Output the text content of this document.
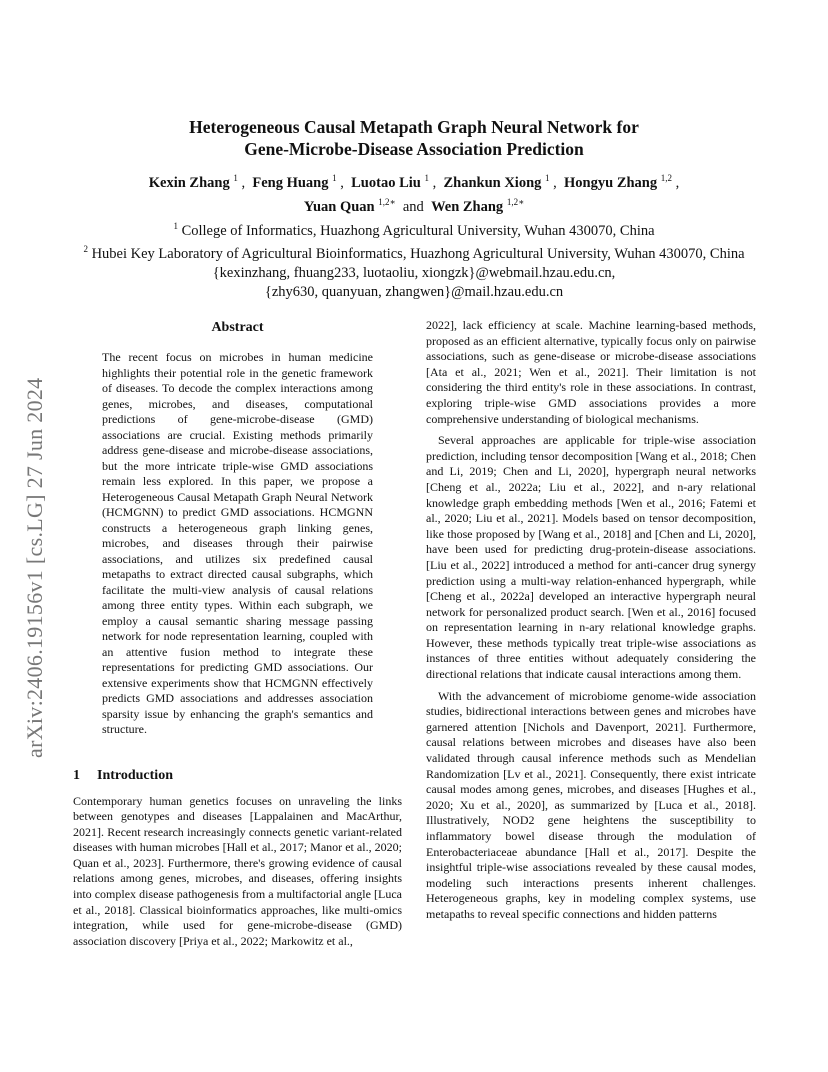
arXiv:2406.19156v1 [cs.LG] 27 Jun 2024
Heterogeneous Causal Metapath Graph Neural Network for
Gene-Microbe-Disease Association Prediction
Kexin Zhang $^1$ ,  Feng Huang $^1$ ,  Luotao Liu $^1$ ,  Zhankun Xiong $^1$ ,  Hongyu Zhang $^{1,2}$ ,
Yuan Quan $^{1,2∗}$ and Wen Zhang $^{1,2∗}$
$^1$ College of Informatics, Huazhong Agricultural University, Wuhan 430070, China
$^2$ Hubei Key Laboratory of Agricultural Bioinformatics, Huazhong Agricultural University, Wuhan 430070, China
{kexinzhang, fhuang233, luotaoliu, xiongzk}@webmail.hzau.edu.cn,
{zhy630, quanyuan, zhangwen}@mail.hzau.edu.cn
Abstract

The recent focus on microbes in human medicine highlights their potential role in the genetic framework of diseases. To decode the complex interactions among genes, microbes, and diseases, computational predictions of gene-microbe-disease (GMD) associations are crucial. Existing methods primarily address gene-disease and microbe-disease associations, but the more intricate triple-wise GMD associations remain less explored. In this paper, we propose a Heterogeneous Causal Metapath Graph Neural Network (HCMGNN) to predict GMD associations. HCMGNN constructs a heterogeneous graph linking genes, microbes, and diseases through their pairwise associations, and utilizes six predefined causal metapaths to extract directed causal subgraphs, which facilitate the multi-view analysis of causal relations among three entity types. Within each subgraph, we employ a causal semantic sharing message passing network for node representation learning, coupled with an attentive fusion method to integrate these representations for predicting GMD associations. Our extensive experiments show that HCMGNN effectively predicts GMD associations and addresses association sparsity issue by enhancing the graph's semantics and structure.

1 Introduction

Contemporary human genetics focuses on unraveling the links between genotypes and diseases [Lappalainen and MacArthur, 2021]. Recent research increasingly connects genetic variant-related diseases with human microbes [Hall et al., 2017; Manor et al., 2020; Quan et al., 2023]. Furthermore, there's growing evidence of causal relations among genes, microbes, and diseases, offering insights into complex disease pathogenesis from a multifactorial angle [Luca et al., 2018]. Classical bioinformatics approaches, like multi-omics integration, while used for gene-microbe-disease (GMD) association discovery [Priya et al., 2022; Markowitz et al.,

2022], lack efficiency at scale. Machine learning-based methods, proposed as an efficient alternative, typically focus only on pairwise associations, such as gene-disease or microbe-disease associations [Ata et al., 2021; Wen et al., 2021]. Their limitation is not considering the third entity's role in these associations. In contrast, exploring triple-wise GMD associations provides a more comprehensive understanding of biological mechanisms.

Several approaches are applicable for triple-wise association prediction, including tensor decomposition [Wang et al., 2018; Chen and Li, 2019; Chen and Li, 2020], hypergraph neural networks [Cheng et al., 2022a; Liu et al., 2022], and n-ary relational knowledge graph embedding methods [Wen et al., 2016; Fatemi et al., 2020; Liu et al., 2021]. Models based on tensor decomposition, like those proposed by [Wang et al., 2018] and [Chen and Li, 2020], have been used for predicting drug-protein-disease associations. [Liu et al., 2022] introduced a method for anti-cancer drug synergy prediction using a multi-way relation-enhanced hypergraph, while [Cheng et al., 2022a] developed an interactive hypergraph neural network for personalized product search. [Wen et al., 2016] focused on representation learning in n-ary relational knowledge graphs. However, these methods typically treat triple-wise associations as instances of three entities without adequately considering the directional relations that indicate causal interactions among them.

With the advancement of microbiome genome-wide association studies, bidirectional interactions between genes and microbes have garnered attention [Nichols and Davenport, 2021]. Furthermore, causal relations between microbes and diseases have also been validated through causal inference methods such as Mendelian Randomization [Lv et al., 2021]. Consequently, there exist intricate causal modes among genes, microbes, and diseases [Hughes et al., 2020; Xu et al., 2020], as summarized by [Luca et al., 2018]. Illustratively, NOD2 gene heightens the susceptibility to inflammatory bowel disease through the modulation of Enterobacteriaceae abundance [Hall et al., 2017]. Despite the insightful triple-wise associations revealed by these causal modes, modeling such interactions presents inherent challenges. Heterogeneous graphs, key in modeling complex systems, use metapaths to reveal specific connections and hidden patterns
